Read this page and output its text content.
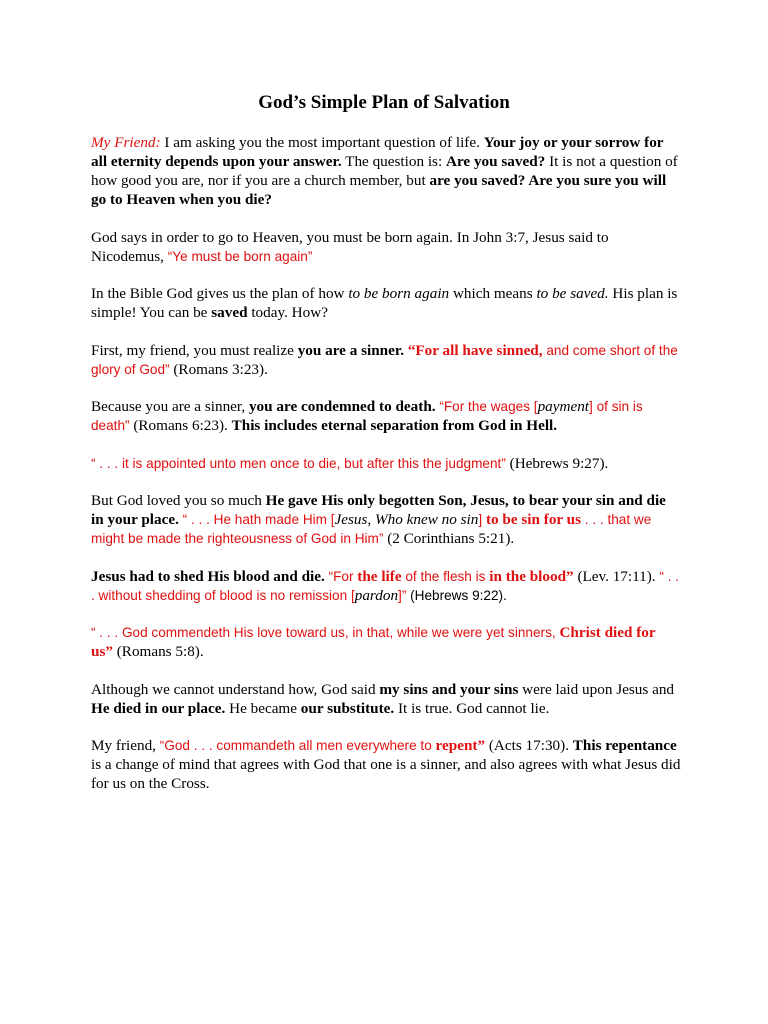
God’s Simple Plan of Salvation

My Friend: I am asking you the most important question of life. Your joy or your sorrow for all eternity depends upon your answer. The question is: Are you saved? It is not a question of how good you are, nor if you are a church member, but are you saved? Are you sure you will go to Heaven when you die?

God says in order to go to Heaven, you must be born again. In John 3:7, Jesus said to Nicodemus, “Ye must be born again”

In the Bible God gives us the plan of how to be born again which means to be saved. His plan is simple! You can be saved today. How?

First, my friend, you must realize you are a sinner. “For all have sinned, and come short of the glory of God” (Romans 3:23).

Because you are a sinner, you are condemned to death. “For the wages [payment] of sin is death” (Romans 6:23). This includes eternal separation from God in Hell.

“ . . . it is appointed unto men once to die, but after this the judgment” (Hebrews 9:27).

But God loved you so much He gave His only begotten Son, Jesus, to bear your sin and die in your place. “ . . . He hath made Him [Jesus, Who knew no sin] to be sin for us . . . that we might be made the righteousness of God in Him” (2 Corinthians 5:21).

Jesus had to shed His blood and die. “For the life of the flesh is in the blood” (Lev. 17:11). “ . . . without shedding of blood is no remission [pardon]” (Hebrews 9:22).

“ . . . God commendeth His love toward us, in that, while we were yet sinners, Christ died for us” (Romans 5:8).

Although we cannot understand how, God said my sins and your sins were laid upon Jesus and He died in our place. He became our substitute. It is true. God cannot lie.

My friend, “God . . . commandeth all men everywhere to repent” (Acts 17:30). This repentance is a change of mind that agrees with God that one is a sinner, and also agrees with what Jesus did for us on the Cross.
